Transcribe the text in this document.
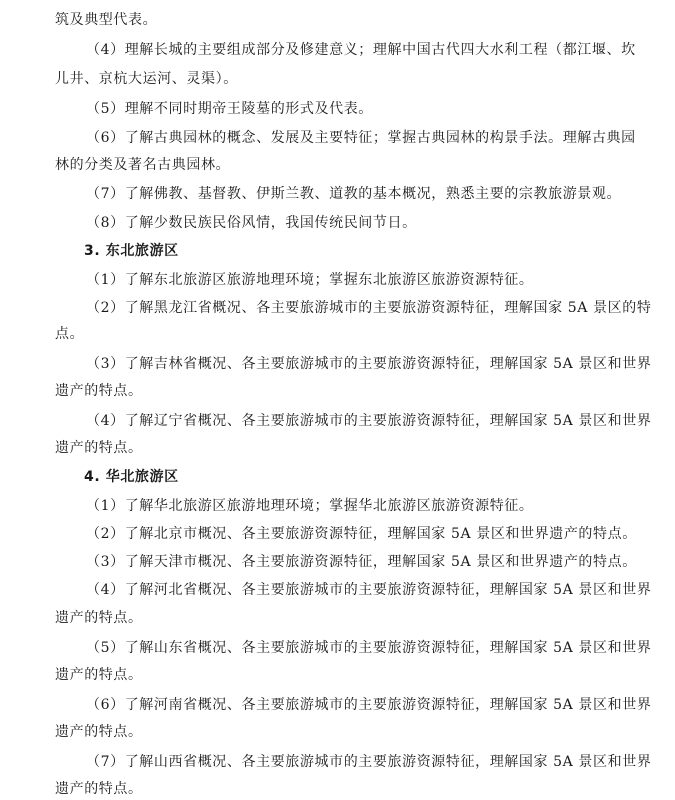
筑及典型代表。

（4）理解长城的主要组成部分及修建意义；理解中国古代四大水利工程（都江堰、坎

儿井、京杭大运河、灵渠）。

（5）理解不同时期帝王陵墓的形式及代表。

（6）了解古典园林的概念、发展及主要特征；掌握古典园林的构景手法。理解古典园

林的分类及著名古典园林。

（7）了解佛教、基督教、伊斯兰教、道教的基本概况，熟悉主要的宗教旅游景观。

（8）了解少数民族民俗风情，我国传统民间节日。

3. 东北旅游区

（1）了解东北旅游区旅游地理环境；掌握东北旅游区旅游资源特征。

（2）了解黑龙江省概况、各主要旅游城市的主要旅游资源特征，理解国家 5A 景区的特

点。

（3）了解吉林省概况、各主要旅游城市的主要旅游资源特征，理解国家 5A 景区和世界

遗产的特点。

（4）了解辽宁省概况、各主要旅游城市的主要旅游资源特征，理解国家 5A 景区和世界

遗产的特点。

4. 华北旅游区

（1）了解华北旅游区旅游地理环境；掌握华北旅游区旅游资源特征。

（2）了解北京市概况、各主要旅游资源特征，理解国家 5A 景区和世界遗产的特点。

（3）了解天津市概况、各主要旅游资源特征，理解国家 5A 景区和世界遗产的特点。

（4）了解河北省概况、各主要旅游城市的主要旅游资源特征，理解国家 5A 景区和世界

遗产的特点。

（5）了解山东省概况、各主要旅游城市的主要旅游资源特征，理解国家 5A 景区和世界

遗产的特点。

（6）了解河南省概况、各主要旅游城市的主要旅游资源特征，理解国家 5A 景区和世界

遗产的特点。

（7）了解山西省概况、各主要旅游城市的主要旅游资源特征，理解国家 5A 景区和世界

遗产的特点。
